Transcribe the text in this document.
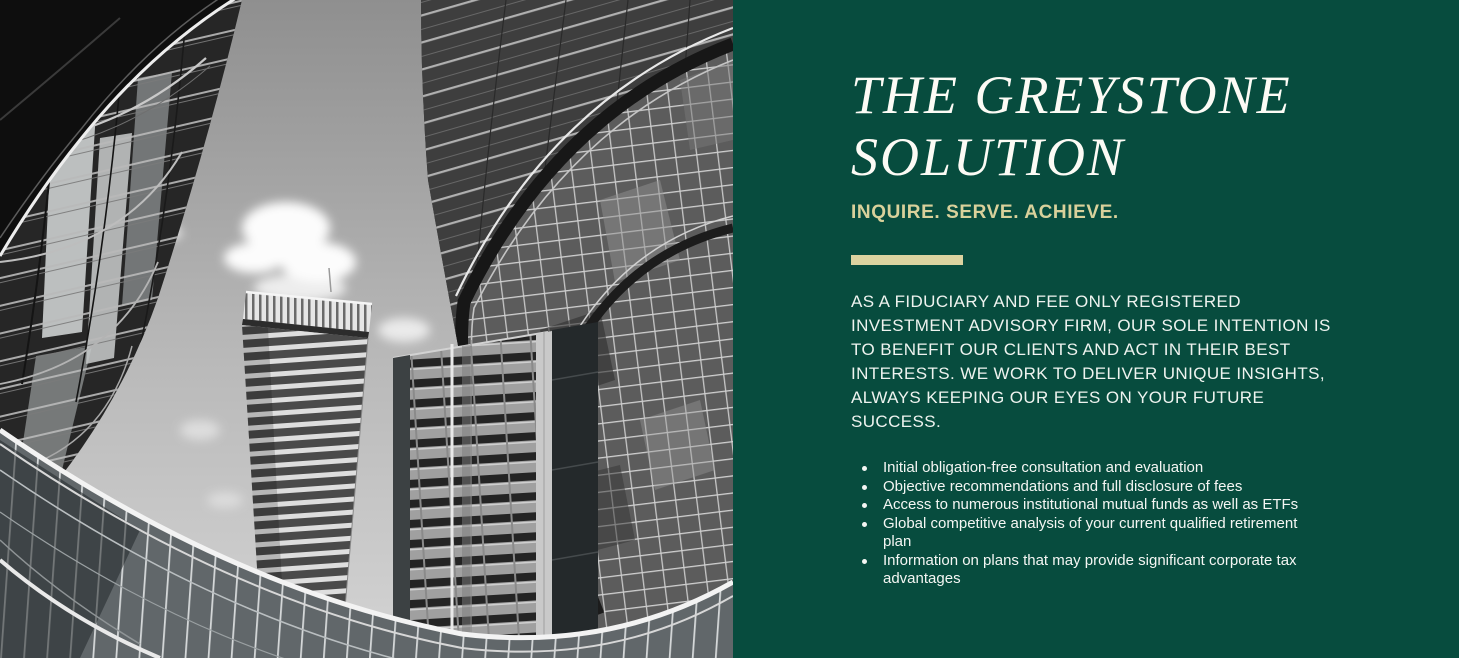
THE GREYSTONE SOLUTION
INQUIRE. SERVE. ACHIEVE.

AS A FIDUCIARY AND FEE ONLY REGISTERED INVESTMENT ADVISORY FIRM, OUR SOLE INTENTION IS TO BENEFIT OUR CLIENTS AND ACT IN THEIR BEST INTERESTS. WE WORK TO DELIVER UNIQUE INSIGHTS, ALWAYS KEEPING OUR EYES ON YOUR FUTURE SUCCESS.

Initial obligation-free consultation and evaluation
Objective recommendations and full disclosure of fees
Access to numerous institutional mutual funds as well as ETFs
Global competitive analysis of your current qualified retirement plan
Information on plans that may provide significant corporate tax advantages
